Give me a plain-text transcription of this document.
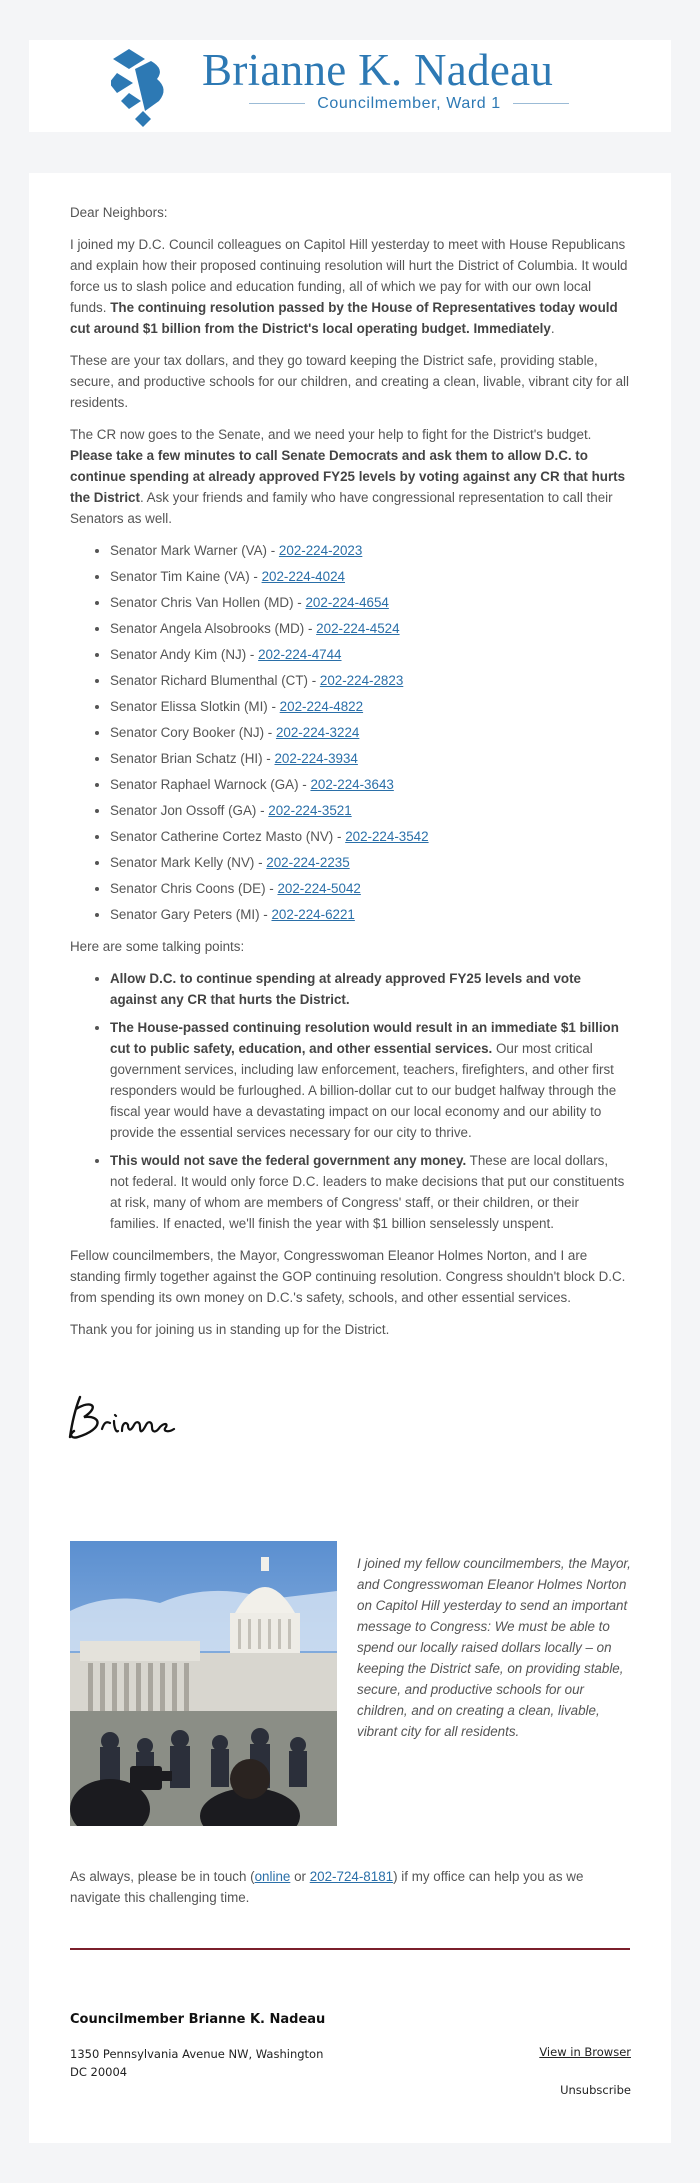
Brianne K. Nadeau
Councilmember, Ward 1

Dear Neighbors:

I joined my D.C. Council colleagues on Capitol Hill yesterday to meet with House Republicans and explain how their proposed continuing resolution will hurt the District of Columbia. It would force us to slash police and education funding, all of which we pay for with our own local funds. The continuing resolution passed by the House of Representatives today would cut around $1 billion from the District's local operating budget. Immediately.

These are your tax dollars, and they go toward keeping the District safe, providing stable, secure, and productive schools for our children, and creating a clean, livable, vibrant city for all residents.

The CR now goes to the Senate, and we need your help to fight for the District's budget. Please take a few minutes to call Senate Democrats and ask them to allow D.C. to continue spending at already approved FY25 levels by voting against any CR that hurts the District. Ask your friends and family who have congressional representation to call their Senators as well.

• Senator Mark Warner (VA) - 202-224-2023
• Senator Tim Kaine (VA) - 202-224-4024
• Senator Chris Van Hollen (MD) - 202-224-4654
• Senator Angela Alsobrooks (MD) - 202-224-4524
• Senator Andy Kim (NJ) - 202-224-4744
• Senator Richard Blumenthal (CT) - 202-224-2823
• Senator Elissa Slotkin (MI) - 202-224-4822
• Senator Cory Booker (NJ) - 202-224-3224
• Senator Brian Schatz (HI) - 202-224-3934
• Senator Raphael Warnock (GA) - 202-224-3643
• Senator Jon Ossoff (GA) - 202-224-3521
• Senator Catherine Cortez Masto (NV) - 202-224-3542
• Senator Mark Kelly (NV) - 202-224-2235
• Senator Chris Coons (DE) - 202-224-5042
• Senator Gary Peters (MI) - 202-224-6221

Here are some talking points:

• Allow D.C. to continue spending at already approved FY25 levels and vote against any CR that hurts the District.
• The House-passed continuing resolution would result in an immediate $1 billion cut to public safety, education, and other essential services. Our most critical government services, including law enforcement, teachers, firefighters, and other first responders would be furloughed. A billion-dollar cut to our budget halfway through the fiscal year would have a devastating impact on our local economy and our ability to provide the essential services necessary for our city to thrive.
• This would not save the federal government any money. These are local dollars, not federal. It would only force D.C. leaders to make decisions that put our constituents at risk, many of whom are members of Congress' staff, or their children, or their families. If enacted, we'll finish the year with $1 billion senselessly unspent.

Fellow councilmembers, the Mayor, Congresswoman Eleanor Holmes Norton, and I are standing firmly together against the GOP continuing resolution. Congress shouldn't block D.C. from spending its own money on D.C.'s safety, schools, and other essential services.

Thank you for joining us in standing up for the District.

I joined my fellow councilmembers, the Mayor, and Congresswoman Eleanor Holmes Norton on Capitol Hill yesterday to send an important message to Congress: We must be able to spend our locally raised dollars locally – on keeping the District safe, on providing stable, secure, and productive schools for our children, and on creating a clean, livable, vibrant city for all residents.
As always, please be in touch (online or 202-724-8181) if my office can help you as we navigate this challenging time.
Councilmember Brianne K. Nadeau
1350 Pennsylvania Avenue NW, Washington DC 20004
View in Browser
Unsubscribe
